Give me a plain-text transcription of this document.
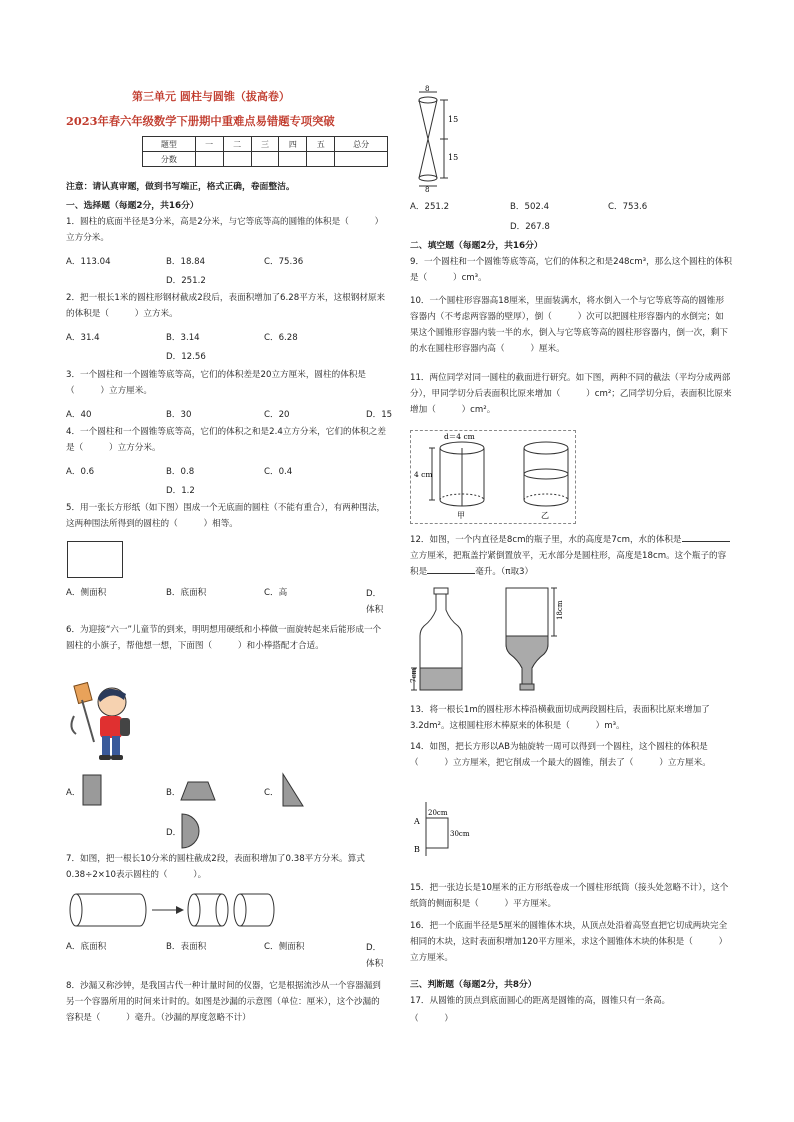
第三单元 圆柱与圆锥（拔高卷）
2023年春六年级数学下册期中重难点易错题专项突破
题型	一	二	三	四	五	总分
分数						
注意：请认真审题，做到书写端正，格式正确，卷面整洁。
一、选择题（每题2分，共16分）
1．圆柱的底面半径是3分米，高是2分米，与它等底等高的圆锥的体积是（　　　）立方分米。
A．113.04	B．18.84	C．75.36
D．251.2
2．把一根长1米的圆柱形钢材截成2段后，表面积增加了6.28平方米，这根钢材原来的体积是（　　　）立方米。
A．31.4	B．3.14	C．6.28
D．12.56
3．一个圆柱和一个圆锥等底等高，它们的体积差是20立方厘米，圆柱的体积是（　　　）立方厘米。
A．40	B．30	C．20	D．15
4．一个圆柱和一个圆锥等底等高，它们的体积之和是2.4立方分米，它们的体积之差是（　　　）立方分米。
A．0.6	B．0.8	C．0.4
D．1.2
5．用一张长方形纸（如下图）围成一个无底面的圆柱（不能有重合），有两种围法，这两种围法所得到的圆柱的（　　　）相等。
A．侧面积	B．底面积	C．高	D．体积
6．为迎接“六一”儿童节的到来，明明想用硬纸和小棒做一面旋转起来后能形成一个圆柱的小旗子，帮他想一想，下面图（　　　）和小棒搭配才合适。
A．	B．	C．
D．
7．如图，把一根长10分米的圆柱截成2段，表面积增加了0.38平方分米。算式0.38÷2×10表示圆柱的（　　　）。
A．底面积	B．表面积	C．侧面积	D．体积
8．沙漏又称沙钟，是我国古代一种计量时间的仪器，它是根据流沙从一个容器漏到另一个容器所用的时间来计时的。如图是沙漏的示意图（单位：厘米），这个沙漏的容积是（　　　）毫升。（沙漏的厚度忽略不计）
8
15
15
8
A．251.2	B．502.4	C．753.6
D．267.8
二、填空题（每题2分，共16分）
9．一个圆柱和一个圆锥等底等高，它们的体积之和是248cm³，那么这个圆柱的体积是（　　　）cm³。
10．一个圆柱形容器高18厘米，里面装满水，将水倒入一个与它等底等高的圆锥形容器内（不考虑两容器的壁厚），倒（　　　）次可以把圆柱形容器内的水倒完；如果这个圆锥形容器内装一半的水，倒入与它等底等高的圆柱形容器内，倒一次，剩下的水在圆柱形容器内高（　　　）厘米。
11．两位同学对同一圆柱的截面进行研究。如下图，两种不同的截法（平均分成两部分），甲同学切分后表面积比原来增加（　　　）cm²；乙同学切分后，表面积比原来增加（　　　）cm²。
d＝4 cm
4 cm
甲	乙
12．如图，一个内直径是8cm的瓶子里，水的高度是7cm，水的体积是立方厘米，把瓶盖拧紧倒置放平，无水部分是圆柱形，高度是18cm。这个瓶子的容积是	毫升。（π取3）
7cm
18cm
13．将一根长1m的圆柱形木棒沿横截面切成两段圆柱后，表面积比原来增加了3.2dm²。这根圆柱形木棒原来的体积是（　　　）m³。
14．如图，把长方形以AB为轴旋转一周可以得到一个圆柱，这个圆柱的体积是（　　　）立方厘米，把它削成一个最大的圆锥，削去了（　　　）立方厘米。
A
B
20cm
30cm
15．把一张边长是10厘米的正方形纸卷成一个圆柱形纸筒（接头处忽略不计），这个纸筒的侧面积是（　　　）平方厘米。
16．把一个底面半径是5厘米的圆锥体木块，从顶点处沿着高竖直把它切成两块完全相同的木块，这时表面积增加120平方厘米，求这个圆锥体木块的体积是（　　　）立方厘米。
三、判断题（每题2分，共8分）
17．从圆锥的顶点到底面圆心的距离是圆锥的高，圆锥只有一条高。
（　　　）
